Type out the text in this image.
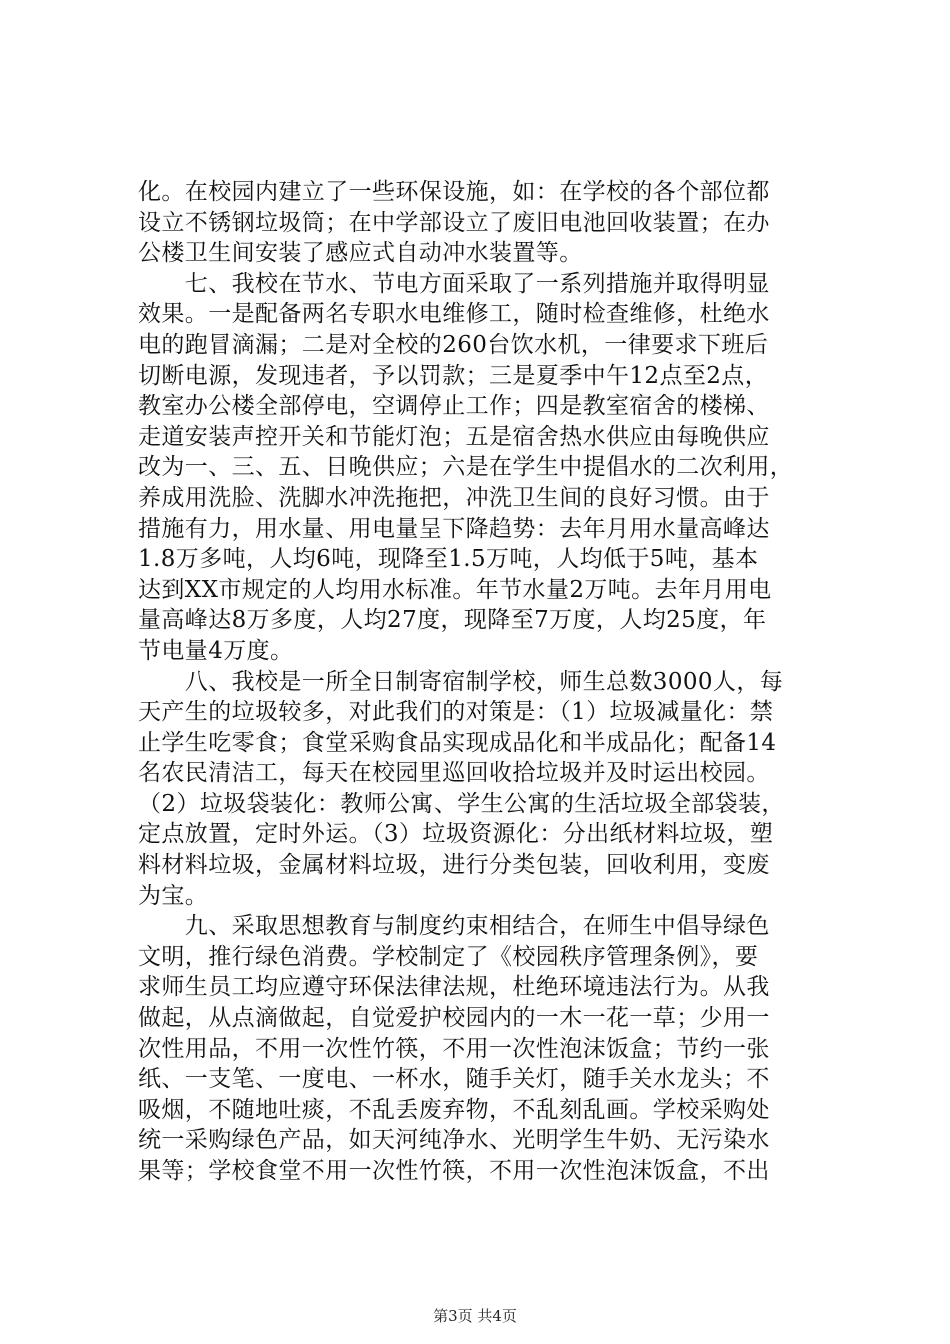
化。在校园内建立了一些环保设施，如：在学校的各个部位都
设立不锈钢垃圾筒；在中学部设立了废旧电池回收装置；在办
公楼卫生间安装了感应式自动冲水装置等。
　　七、我校在节水、节电方面采取了一系列措施并取得明显
效果。一是配备两名专职水电维修工，随时检查维修，杜绝水
电的跑冒滴漏；二是对全校的260台饮水机，一律要求下班后
切断电源，发现违者，予以罚款；三是夏季中午12点至2点，
教室办公楼全部停电，空调停止工作；四是教室宿舍的楼梯、
走道安装声控开关和节能灯泡；五是宿舍热水供应由每晚供应
改为一、三、五、日晚供应；六是在学生中提倡水的二次利用，
养成用洗脸、洗脚水冲洗拖把，冲洗卫生间的良好习惯。由于
措施有力，用水量、用电量呈下降趋势：去年月用水量高峰达
1.8万多吨，人均6吨，现降至1.5万吨，人均低于5吨，基本
达到XX市规定的人均用水标准。年节水量2万吨。去年月用电
量高峰达8万多度，人均27度，现降至7万度，人均25度，年
节电量4万度。
　　八、我校是一所全日制寄宿制学校，师生总数3000人，每
天产生的垃圾较多，对此我们的对策是：（1）垃圾减量化：禁
止学生吃零食；食堂采购食品实现成品化和半成品化；配备14
名农民清洁工，每天在校园里巡回收拾垃圾并及时运出校园。
（2）垃圾袋装化：教师公寓、学生公寓的生活垃圾全部袋装，
定点放置，定时外运。（3）垃圾资源化：分出纸材料垃圾，塑
料材料垃圾，金属材料垃圾，进行分类包装，回收利用，变废
为宝。
　　九、采取思想教育与制度约束相结合，在师生中倡导绿色
文明，推行绿色消费。学校制定了《校园秩序管理条例》，要
求师生员工均应遵守环保法律法规，杜绝环境违法行为。从我
做起，从点滴做起，自觉爱护校园内的一木一花一草；少用一
次性用品，不用一次性竹筷，不用一次性泡沫饭盒；节约一张
纸、一支笔、一度电、一杯水，随手关灯，随手关水龙头；不
吸烟，不随地吐痰，不乱丢废弃物，不乱刻乱画。学校采购处
统一采购绿色产品，如天河纯净水、光明学生牛奶、无污染水
果等；学校食堂不用一次性竹筷，不用一次性泡沫饭盒，不出
第3页 共4页
